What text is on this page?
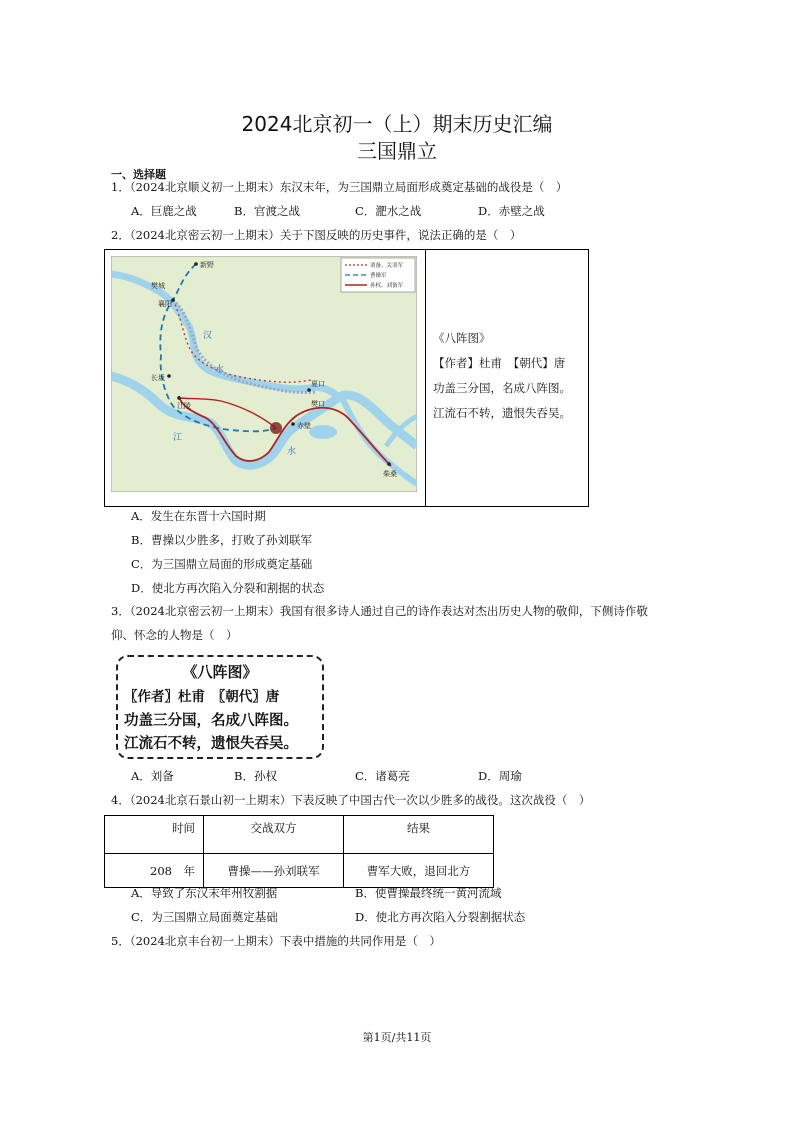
2024北京初一（上）期末历史汇编
三国鼎立
一、选择题
1．（2024北京顺义初一上期末）东汉末年，为三国鼎立局面形成奠定基础的战役是（　）
A．巨鹿之战	B．官渡之战	C．淝水之战	D．赤壁之战
2．（2024北京密云初一上期末）关于下图反映的历史事件，说法正确的是（　）
新野
樊城
襄阳
长坂
江陵
夏口
樊口
赤壁
柴桑
汉
水
江
水
刘备、关羽军
曹操军
孙权、刘备军
《八阵图》
【作者】杜甫　【朝代】唐
功盖三分国，名成八阵图。
江流石不转，遗恨失吞吴。
A．发生在东晋十六国时期
B．曹操以少胜多，打败了孙刘联军
C．为三国鼎立局面的形成奠定基础
D．使北方再次陷入分裂和割据的状态
3．（2024北京密云初一上期末）我国有很多诗人通过自己的诗作表达对杰出历史人物的敬仰，下侧诗作敬
仰、怀念的人物是（　）
《八阵图》
〖作者〗杜甫　〖朝代〗唐
功盖三分国，名成八阵图。
江流石不转，遗恨失吞吴。
A．刘备	B．孙权	C．诸葛亮	D．周瑜
4．（2024北京石景山初一上期末）下表反映了中国古代一次以少胜多的战役。这次战役（　）
时间	交战双方	结果
208　年	曹操——孙刘联军	曹军大败，退回北方
A．导致了东汉末年州牧割据	B．使曹操最终统一黄河流域
C．为三国鼎立局面奠定基础	D．使北方再次陷入分裂割据状态
5．（2024北京丰台初一上期末）下表中措施的共同作用是（　）
第1页/共11页
